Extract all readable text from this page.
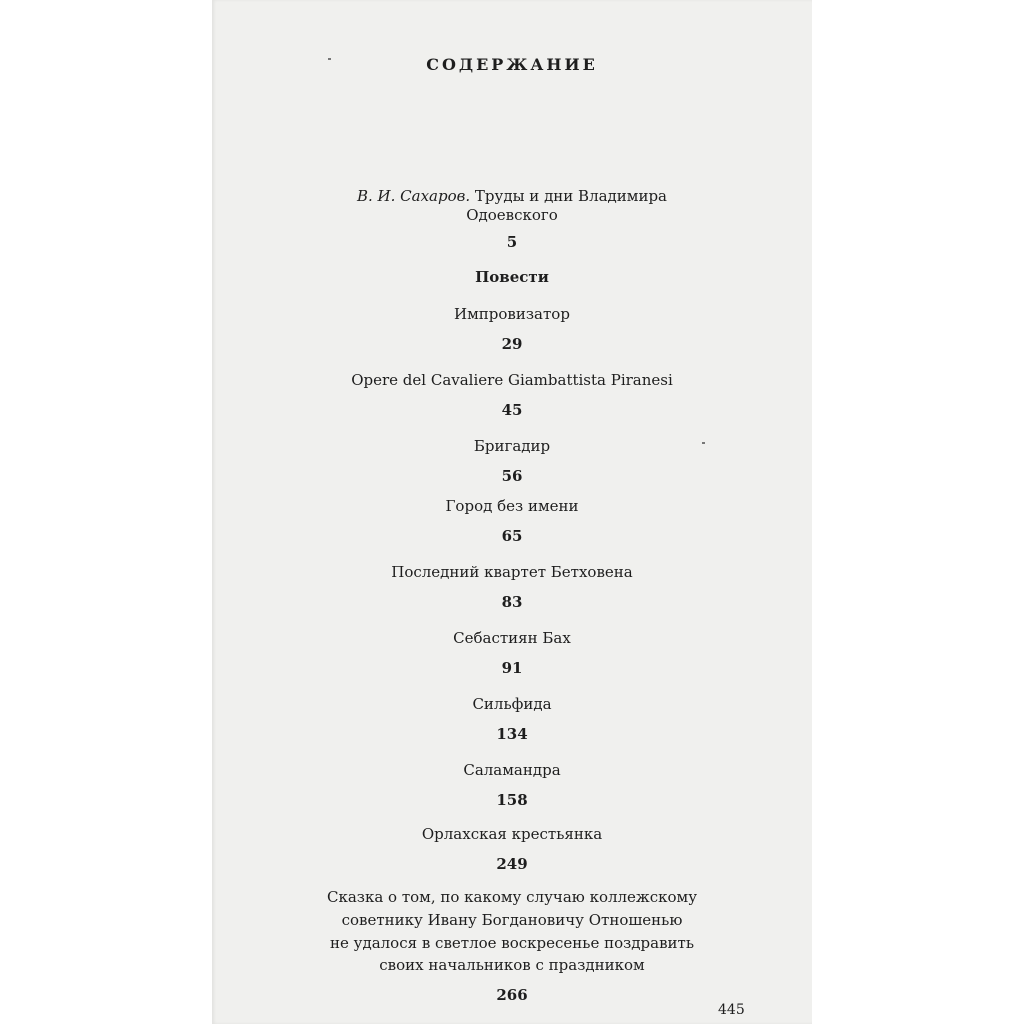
СОДЕРЖАНИЕ
В. И. Сахаров. Труды и дни Владимира
Одоевского
5
Повести
Импровизатор
29
Opere del Cavaliere Giambattista Piranesi
45
Бригадир
56
Город без имени
65
Последний квартет Бетховена
83
Себастиян Бах
91
Сильфида
134
Саламандра
158
Орлахская крестьянка
249
Сказка о том, по какому случаю коллежскому
советнику Ивану Богдановичу Отношенью
не удалося в светлое воскресенье поздравить
своих начальников с праздником
266
445
